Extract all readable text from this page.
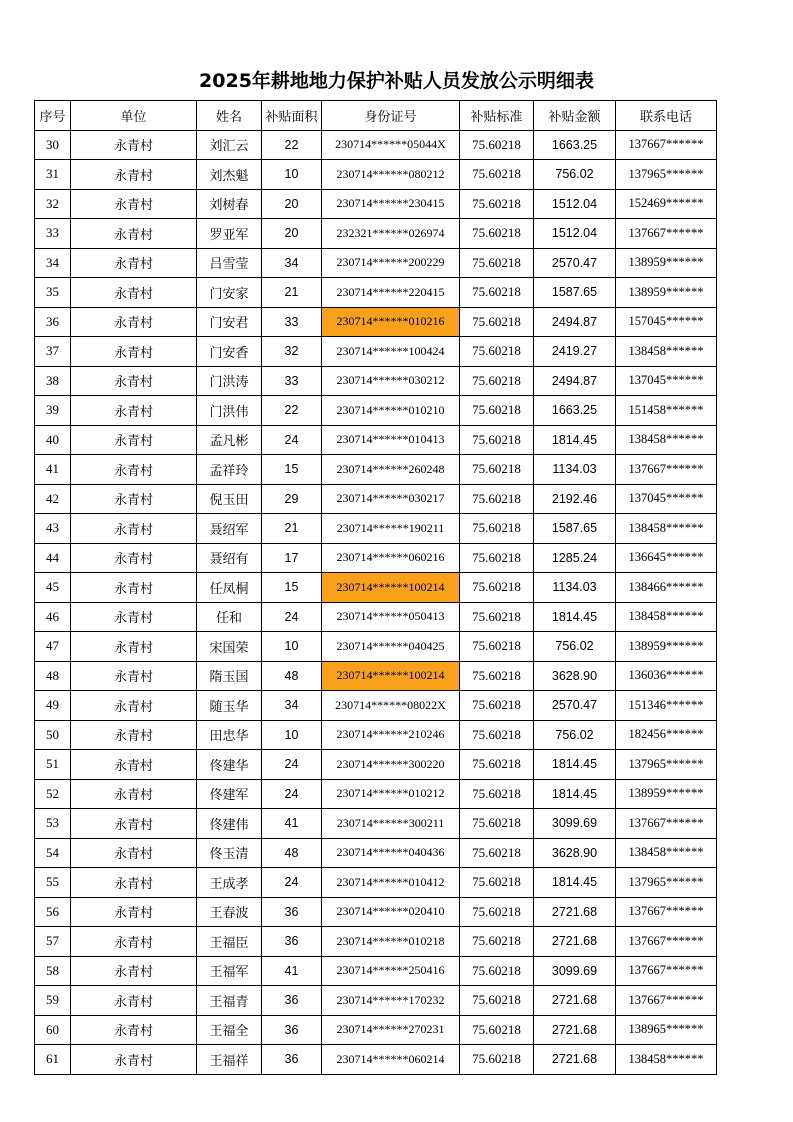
2025年耕地地力保护补贴人员发放公示明细表
序号	单位	姓名	补贴面积	身份证号	补贴标准	补贴金额	联系电话
30	永青村	刘汇云	22	230714******05044X	75.60218	1663.25	137667******
31	永青村	刘杰魁	10	230714******080212	75.60218	756.02	137965******
32	永青村	刘树春	20	230714******230415	75.60218	1512.04	152469******
33	永青村	罗亚军	20	232321******026974	75.60218	1512.04	137667******
34	永青村	吕雪莹	34	230714******200229	75.60218	2570.47	138959******
35	永青村	门安家	21	230714******220415	75.60218	1587.65	138959******
36	永青村	门安君	33	230714******010216	75.60218	2494.87	157045******
37	永青村	门安香	32	230714******100424	75.60218	2419.27	138458******
38	永青村	门洪涛	33	230714******030212	75.60218	2494.87	137045******
39	永青村	门洪伟	22	230714******010210	75.60218	1663.25	151458******
40	永青村	孟凡彬	24	230714******010413	75.60218	1814.45	138458******
41	永青村	孟祥玲	15	230714******260248	75.60218	1134.03	137667******
42	永青村	倪玉田	29	230714******030217	75.60218	2192.46	137045******
43	永青村	聂绍军	21	230714******190211	75.60218	1587.65	138458******
44	永青村	聂绍有	17	230714******060216	75.60218	1285.24	136645******
45	永青村	任凤桐	15	230714******100214	75.60218	1134.03	138466******
46	永青村	任和	24	230714******050413	75.60218	1814.45	138458******
47	永青村	宋国荣	10	230714******040425	75.60218	756.02	138959******
48	永青村	隋玉国	48	230714******100214	75.60218	3628.90	136036******
49	永青村	随玉华	34	230714******08022X	75.60218	2570.47	151346******
50	永青村	田忠华	10	230714******210246	75.60218	756.02	182456******
51	永青村	佟建华	24	230714******300220	75.60218	1814.45	137965******
52	永青村	佟建军	24	230714******010212	75.60218	1814.45	138959******
53	永青村	佟建伟	41	230714******300211	75.60218	3099.69	137667******
54	永青村	佟玉清	48	230714******040436	75.60218	3628.90	138458******
55	永青村	王成孝	24	230714******010412	75.60218	1814.45	137965******
56	永青村	王春波	36	230714******020410	75.60218	2721.68	137667******
57	永青村	王福臣	36	230714******010218	75.60218	2721.68	137667******
58	永青村	王福军	41	230714******250416	75.60218	3099.69	137667******
59	永青村	王福青	36	230714******170232	75.60218	2721.68	137667******
60	永青村	王福全	36	230714******270231	75.60218	2721.68	138965******
61	永青村	王福祥	36	230714******060214	75.60218	2721.68	138458******
